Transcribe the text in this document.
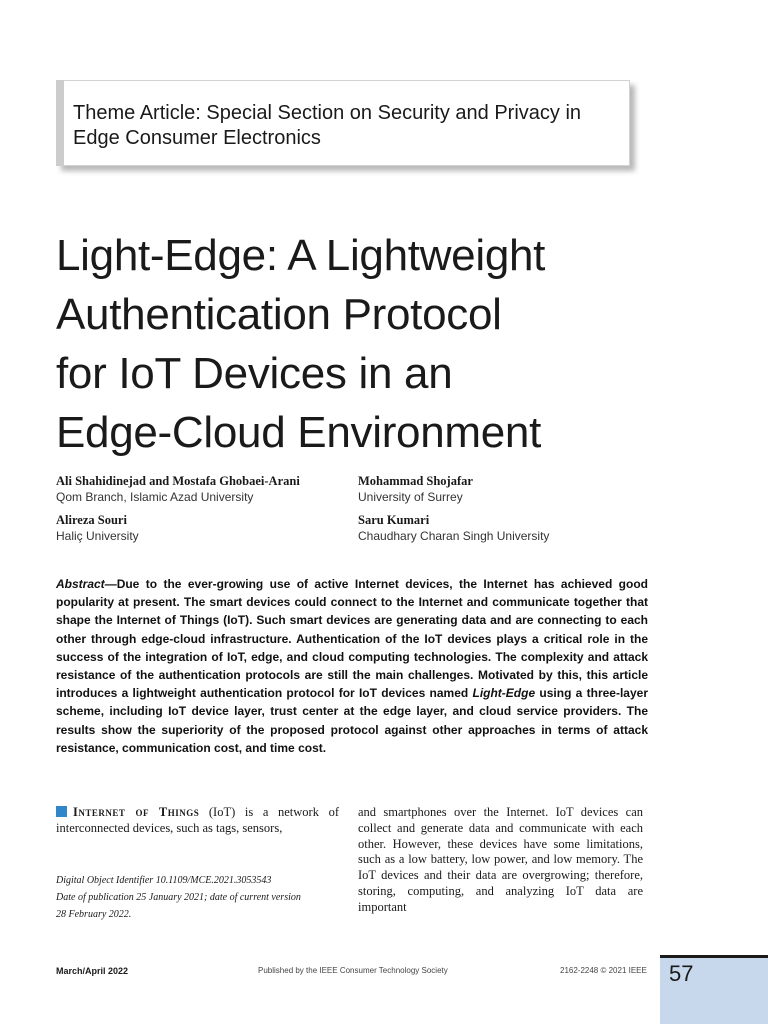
Theme Article: Special Section on Security and Privacy in
Edge Consumer Electronics
Light-Edge: A Lightweight
Authentication Protocol
for IoT Devices in an
Edge-Cloud Environment
Ali Shahidinejad and Mostafa Ghobaei-Arani
Qom Branch, Islamic Azad University
Mohammad Shojafar
University of Surrey
Alireza Souri
Haliç University
Saru Kumari
Chaudhary Charan Singh University
Abstract—Due to the ever-growing use of active Internet devices, the Internet has achieved good popularity at present. The smart devices could connect to the Internet and communicate together that shape the Internet of Things (IoT). Such smart devices are generating data and are connecting to each other through edge-cloud infrastructure. Authentication of the IoT devices plays a critical role in the success of the integration of IoT, edge, and cloud computing technologies. The complexity and attack resistance of the authentication protocols are still the main challenges. Motivated by this, this article introduces a lightweight authentication protocol for IoT devices named Light-Edge using a three-layer scheme, including IoT device layer, trust center at the edge layer, and cloud service providers. The results show the superiority of the proposed protocol against other approaches in terms of attack resistance, communication cost, and time cost.
Internet of Things (IoT) is a network of interconnected devices, such as tags, sensors,
Digital Object Identifier 10.1109/MCE.2021.3053543
Date of publication 25 January 2021; date of current version
28 February 2022.
and smartphones over the Internet. IoT devices can collect and generate data and communicate with each other. However, these devices have some limitations, such as a low battery, low power, and low memory. The IoT devices and their data are overgrowing; therefore, storing, computing, and analyzing IoT data are important
March/April 2022	Published by the IEEE Consumer Technology Society	2162-2248 © 2021 IEEE 57
